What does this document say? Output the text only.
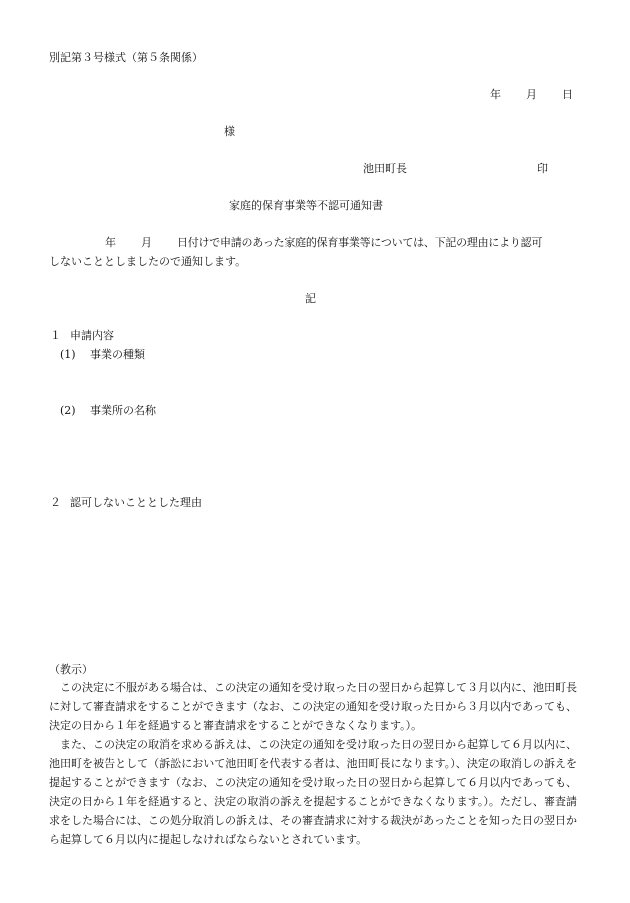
別記第３号様式（第５条関係）
年 月 日
様
池田町長	印
家庭的保育事業等不認可通知書
年 月 日付けで申請のあった家庭的保育事業等については、下記の理由により認可
しないこととしましたので通知します。
記
１ 申請内容
(1) 事業の種類
(2) 事業所の名称
２ 認可しないこととした理由
（教示）
　この決定に不服がある場合は、この決定の通知を受け取った日の翌日から起算して３月以内に、池田町長に対して審査請求をすることができます（なお、この決定の通知を受け取った日から３月以内であっても、決定の日から１年を経過すると審査請求をすることができなくなります。）。
　また、この決定の取消を求める訴えは、この決定の通知を受け取った日の翌日から起算して６月以内に、池田町を被告として（訴訟において池田町を代表する者は、池田町長になります。）、決定の取消しの訴えを提起することができます（なお、この決定の通知を受け取った日の翌日から起算して６月以内であっても、決定の日から１年を経過すると、決定の取消の訴えを提起することができなくなります。）。ただし、審査請求をした場合には、この処分取消しの訴えは、その審査請求に対する裁決があったことを知った日の翌日から起算して６月以内に提起しなければならないとされています。
